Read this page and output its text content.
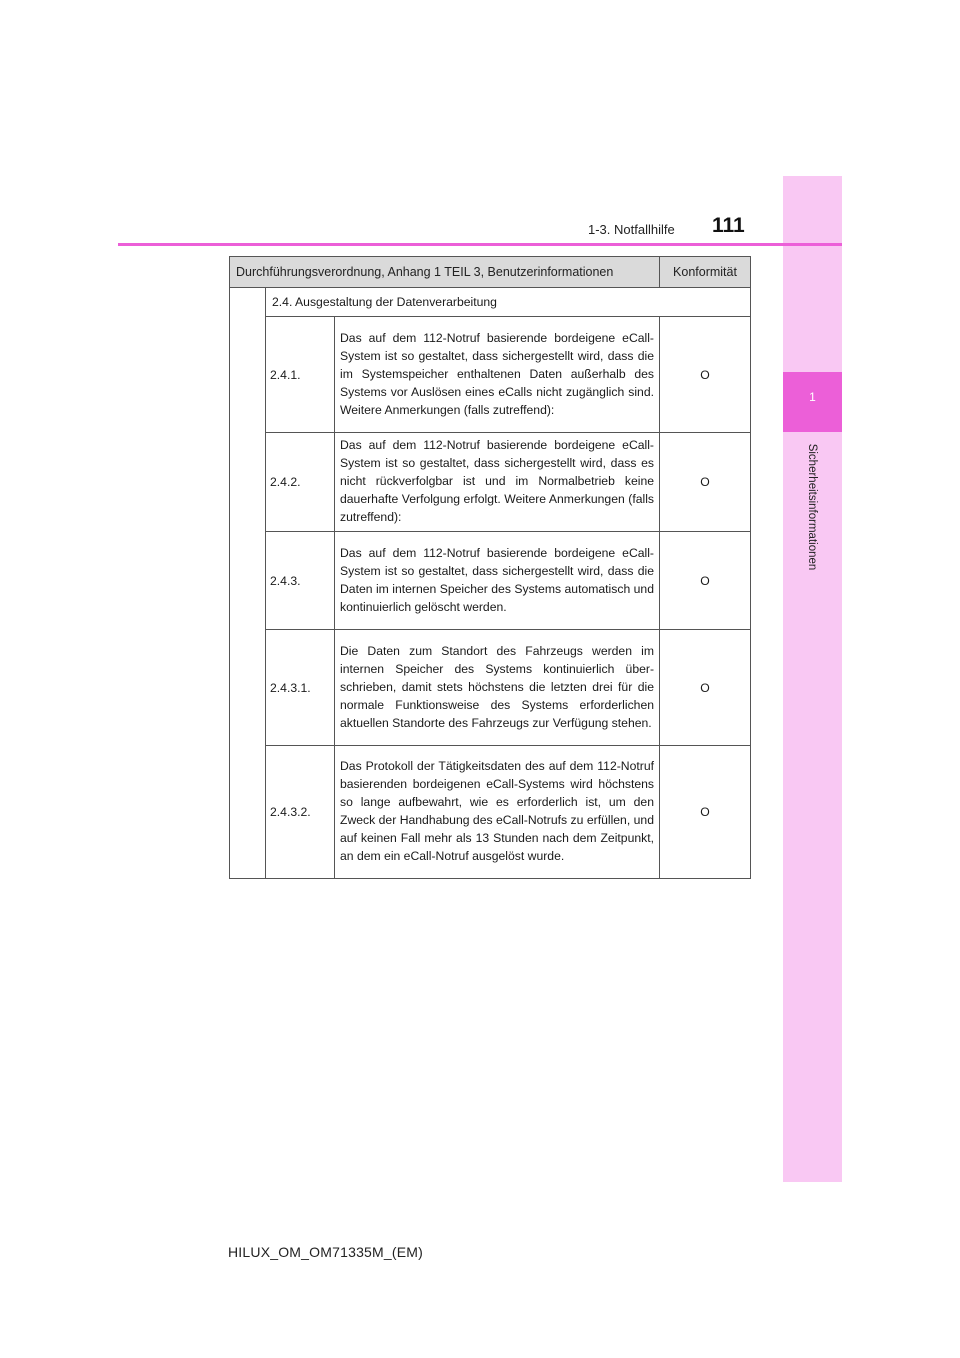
1
Sicherheitsinformationen
1-3. Notfallhilfe 111
Durchführungsverordnung, Anhang 1 TEIL 3, Benutzerinformationen			Konformität
	2.4. Ausgestaltung der Datenverarbeitung		
	2.4.1.	Das auf dem 112-Notruf basierende bordeigene eCall-System ist so gestaltet, dass sichergestellt wird, dass die im Systemspeicher enthaltenen Daten außerhalb des Systems vor Auslösen eines eCalls nicht zugänglich sind. Weitere Anmerkungen (falls zutreffend):	O
	2.4.2.	Das auf dem 112-Notruf basierende bordeigene eCall-System ist so gestaltet, dass sichergestellt wird, dass es nicht rückverfolgbar ist und im Normalbetrieb keine dauerhafte Verfolgung erfolgt. Weitere Anmerkungen (falls zutreffend):	O
	2.4.3.	Das auf dem 112-Notruf basierende bordeigene eCall-System ist so gestaltet, dass sichergestellt wird, dass die Daten im internen Speicher des Systems automatisch und kontinuierlich gelöscht werden.	O
	2.4.3.1.	Die Daten zum Standort des Fahrzeugs werden im internen Speicher des Systems kontinuierlich überschrieben, damit stets höchstens die letzten drei für die normale Funktionsweise des Systems erforderlichen aktuellen Standorte des Fahrzeugs zur Verfügung stehen.	O
	2.4.3.2.	Das Protokoll der Tätigkeitsdaten des auf dem 112-Notruf basierenden bordeigenen eCall-Systems wird höchstens so lange aufbewahrt, wie es erforderlich ist, um den Zweck der Handhabung des eCall-Notrufs zu erfüllen, und auf keinen Fall mehr als 13 Stunden nach dem Zeitpunkt, an dem ein eCall-Notruf ausgelöst wurde.	O
HILUX_OM_OM71335M_(EM)
